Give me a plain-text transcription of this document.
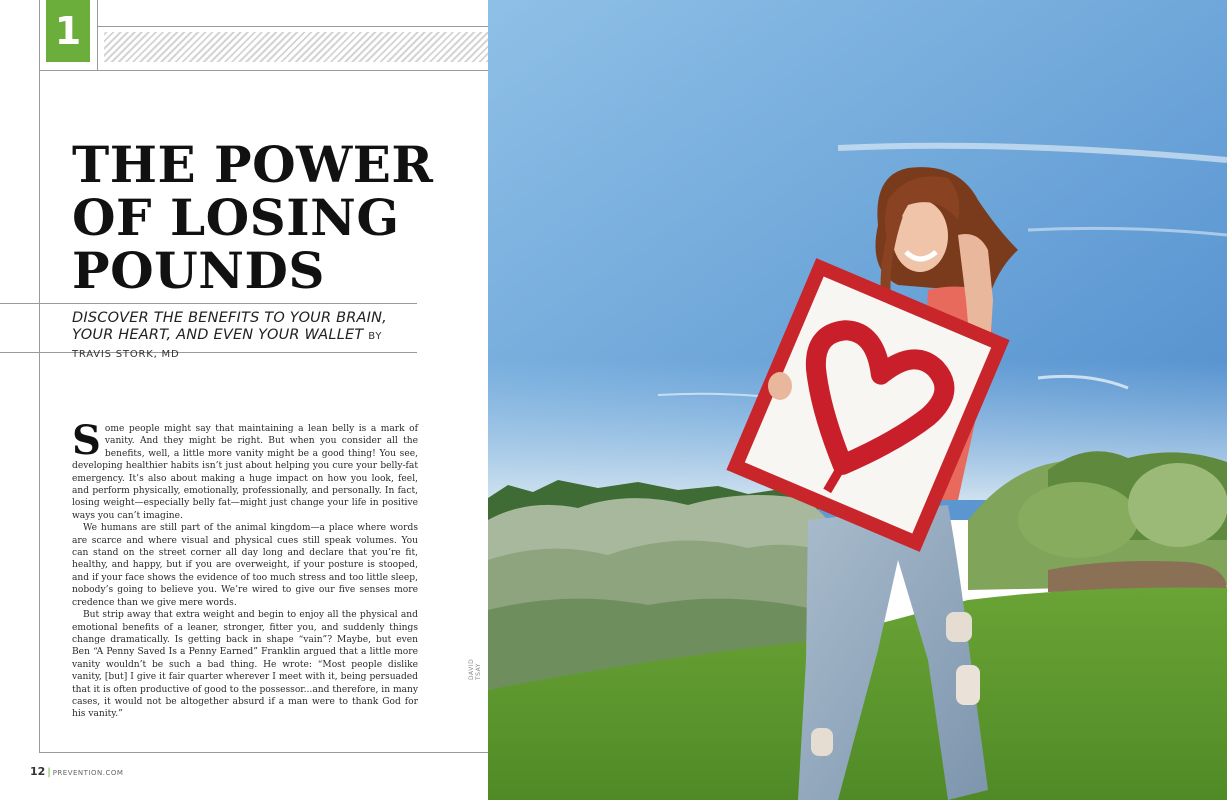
1
THE POWER
OF LOSING
POUNDS
DISCOVER THE BENEFITS TO YOUR BRAIN, YOUR HEART, AND EVEN YOUR WALLET BY TRAVIS STORK, MD

Some people might say that maintaining a lean belly is a mark of vanity. And they might be right. But when you consider all the benefits, well, a little more vanity might be a good thing! You see, developing healthier habits isn’t just about helping you cure your belly-fat emergency. It’s also about making a huge impact on how you look, feel, and perform physically, emotionally, professionally, and personally. In fact, losing weight—especially belly fat—might just change your life in positive ways you can’t imagine.

We humans are still part of the animal kingdom—a place where words are scarce and where visual and physical cues still speak volumes. You can stand on the street corner all day long and declare that you’re fit, healthy, and happy, but if you are overweight, if your posture is stooped, and if your face shows the evidence of too much stress and too little sleep, nobody’s going to believe you. We’re wired to give our five senses more credence than we give mere words.

But strip away that extra weight and begin to enjoy all the physical and emotional benefits of a leaner, stronger, fitter you, and suddenly things change dramatically. Is getting back in shape “vain”? Maybe, but even Ben “A Penny Saved Is a Penny Earned” Franklin argued that a little more vanity wouldn’t be such a bad thing. He wrote: “Most people dislike vanity, [but] I give it fair quarter wherever I meet with it, being persuaded that it is often productive of good to the possessor...and therefore, in many cases, it would not be altogether absurd if a man were to thank God for his vanity.”

12 | PREVENTION.COM
DAVID TSAY
